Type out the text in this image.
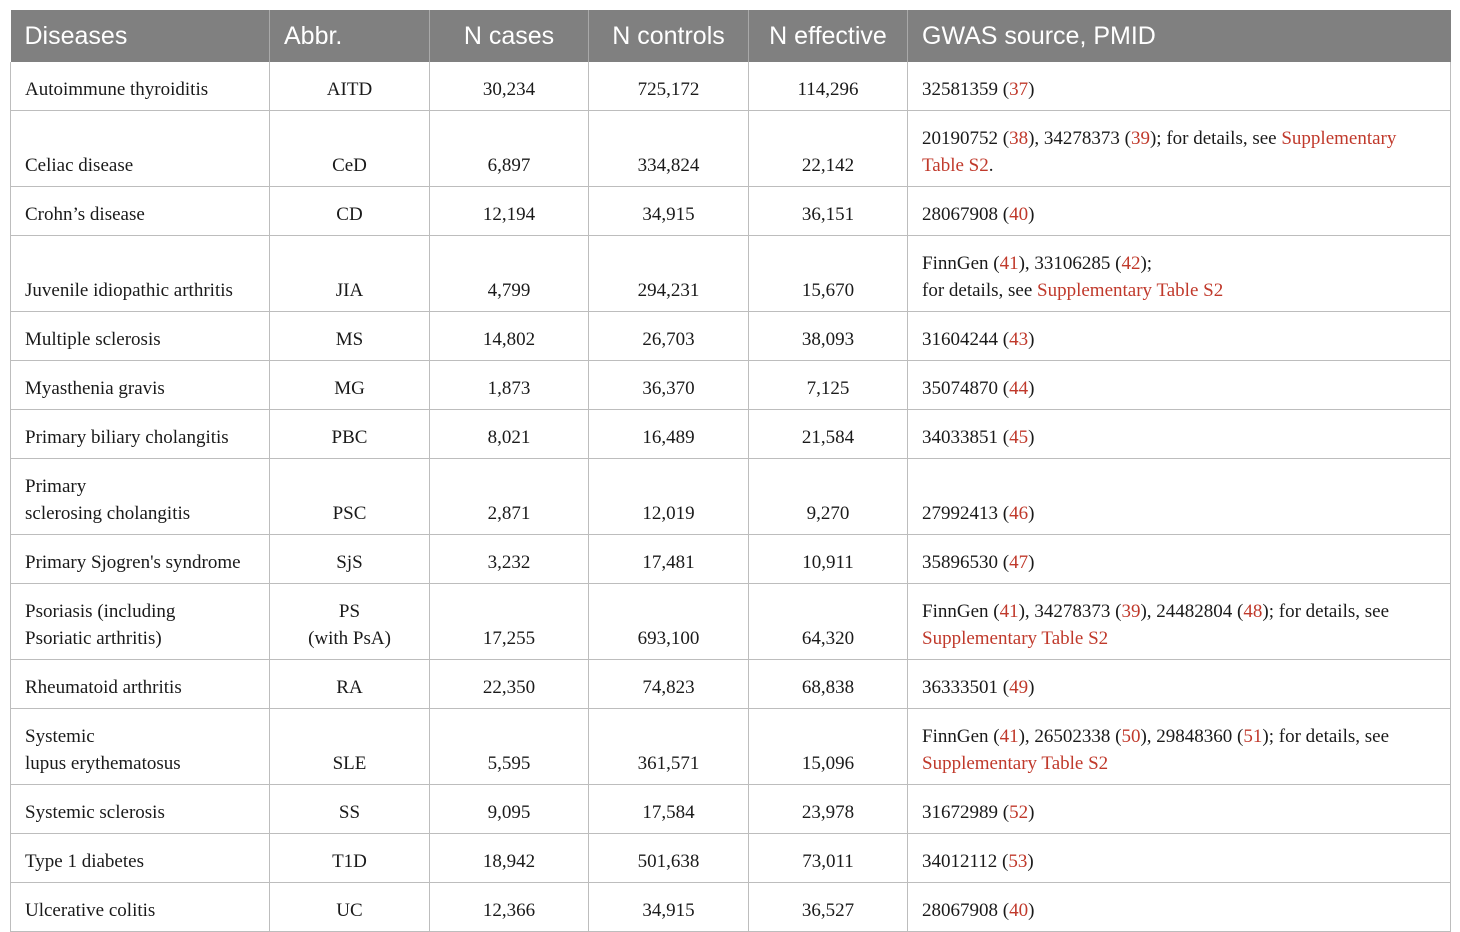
Diseases	Abbr.	N cases	N controls	N effective	GWAS source, PMID

Autoimmune thyroiditis	AITD	30,234	725,172	114,296	32581359 (37)

Celiac disease	CeD	6,897	334,824	22,142	20190752 (38), 34278373 (39); for details, see Supplementary
Table S2.

Crohn’s disease	CD	12,194	34,915	36,151	28067908 (40)

Juvenile idiopathic arthritis	JIA	4,799	294,231	15,670	FinnGen (41), 33106285 (42);
for details, see Supplementary Table S2

Multiple sclerosis	MS	14,802	26,703	38,093	31604244 (43)

Myasthenia gravis	MG	1,873	36,370	7,125	35074870 (44)

Primary biliary cholangitis	PBC	8,021	16,489	21,584	34033851 (45)

Primary
sclerosing cholangitis	PSC	2,871	12,019	9,270	27992413 (46)

Primary Sjogren's syndrome	SjS	3,232	17,481	10,911	35896530 (47)

Psoriasis (including
Psoriatic arthritis)	PS
(with PsA)	17,255	693,100	64,320	FinnGen (41), 34278373 (39), 24482804 (48); for details, see
Supplementary Table S2

Rheumatoid arthritis	RA	22,350	74,823	68,838	36333501 (49)

Systemic
lupus erythematosus	SLE	5,595	361,571	15,096	FinnGen (41), 26502338 (50), 29848360 (51); for details, see
Supplementary Table S2

Systemic sclerosis	SS	9,095	17,584	23,978	31672989 (52)

Type 1 diabetes	T1D	18,942	501,638	73,011	34012112 (53)

Ulcerative colitis	UC	12,366	34,915	36,527	28067908 (40)
